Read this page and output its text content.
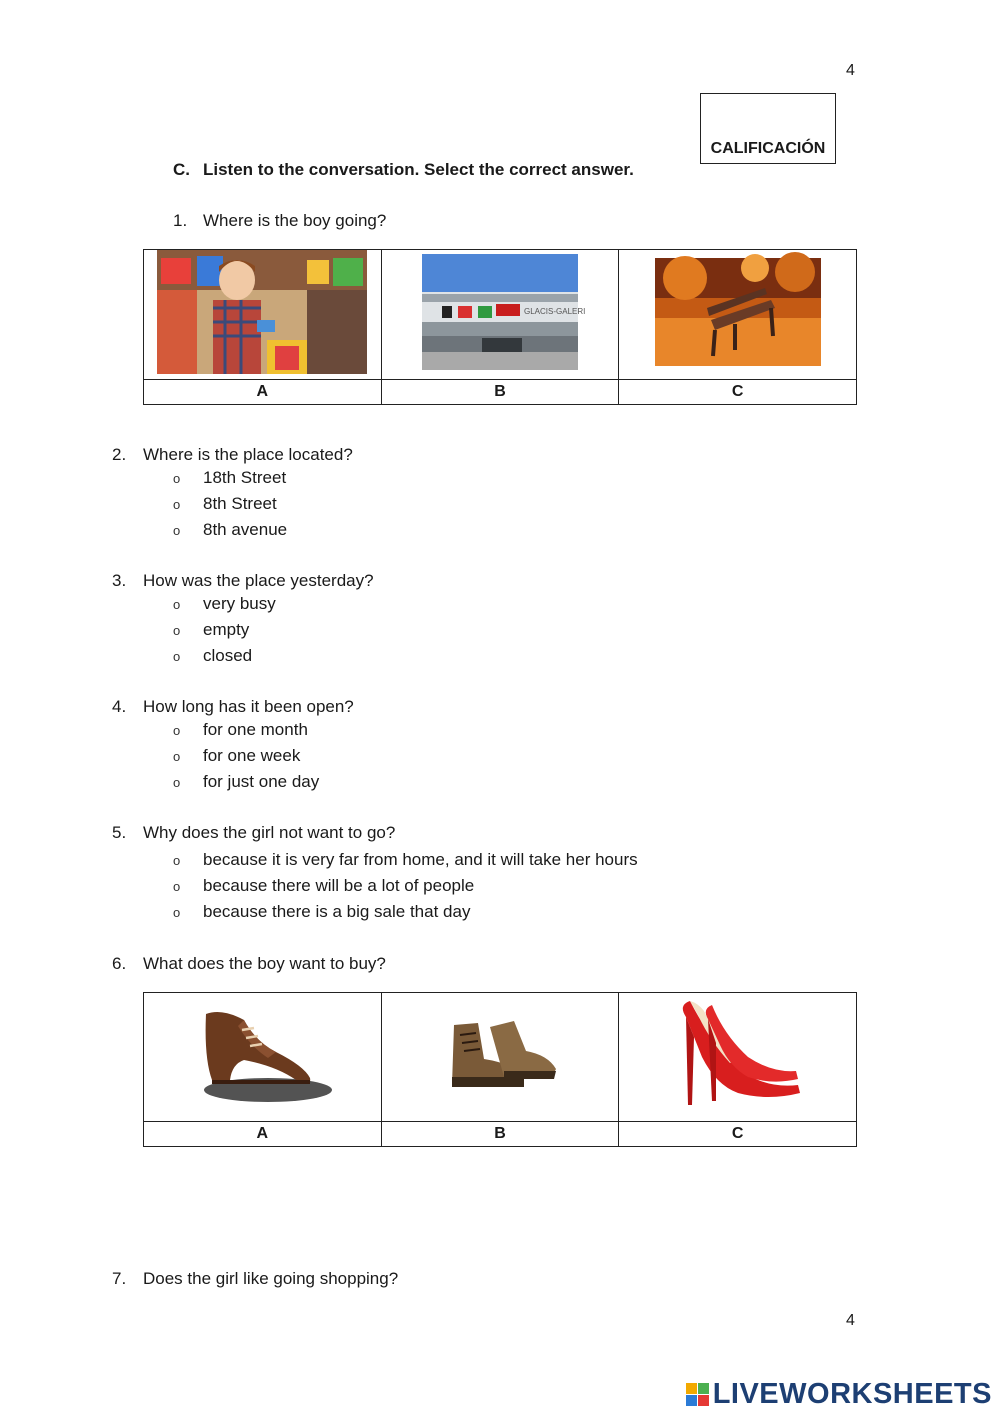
4
CALIFICACIÓN
C. Listen to the conversation. Select the correct answer.
1. Where is the boy going?

GLACIS-GALERI

A	B	C
2. Where is the place located?
o 18th Street
o 8th Street
o 8th avenue
3. How was the place yesterday?
o very busy
o empty
o closed
4. How long has it been open?
o for one month
o for one week
o for just one day
5. Why does the girl not want to go?
o because it is very far from home, and it will take her hours
o because there will be a lot of people
o because there is a big sale that day
6. What does the boy want to buy?

A	B	C
7. Does the girl like going shopping?
4
LIVEWORKSHEETS
